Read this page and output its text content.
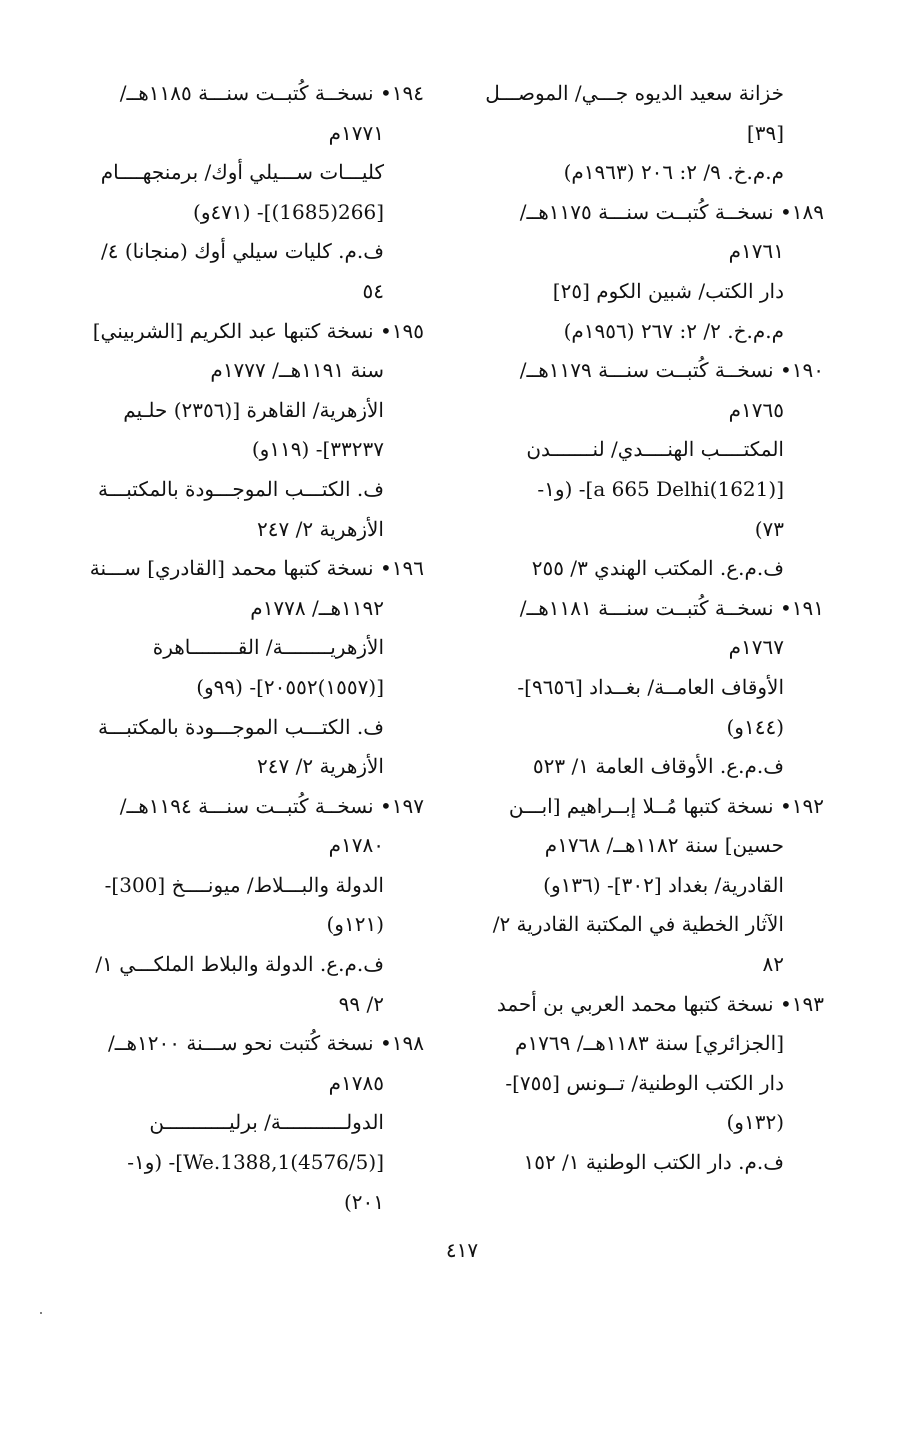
خزانة سعيد الديوه جـــي/ الموصـــل
[٣٩]
م.م.خ. ٩/ ٢: ٢٠٦ (١٩٦٣م)
١٨٩• نسخــة كُتبــت سنـــة ١١٧٥هــ/
١٧٦١م
دار الكتب/ شبين الكوم [٢٥]
م.م.خ. ٢/ ٢: ٢٦٧ (١٩٥٦م)
١٩٠• نسخــة كُتبــت سنـــة ١١٧٩هــ/
١٧٦٥م
المكتــــب الهنــــدي/ لنـــــــدن
[a 665 Delhi(1621)]- (و١-
٧٣)
ف.م.ع. المكتب الهندي ٣/ ٢٥٥
١٩١• نسخــة كُتبــت سنـــة ١١٨١هــ/
١٧٦٧م
الأوقاف العامــة/ بغــداد [٩٦٥٦]-
(١٤٤و)
ف.م.ع. الأوقاف العامة ١/ ٥٢٣
١٩٢• نسخة كتبها مُــلا إبــراهيم [ابـــن
حسين] سنة ١١٨٢هــ/ ١٧٦٨م
القادرية/ بغداد [٣٠٢]- (١٣٦و)
الآثار الخطية في المكتبة القادرية ٢/
٨٢
١٩٣• نسخة كتبها محمد العربي بن أحمد
[الجزائري] سنة ١١٨٣هــ/ ١٧٦٩م
دار الكتب الوطنية/ تــونس [٧٥٥]-
(١٣٢و)
ف.م. دار الكتب الوطنية ١/ ١٥٢
١٩٤• نسخــة كُتبــت سنـــة ١١٨٥هــ/
١٧٧١م
كليـــات ســـيلي أوك/ برمنجهــــام
[266(1685)]- (٤٧١و)
ف.م. كليات سيلي أوك (منجانا) ٤/
٥٤
١٩٥• نسخة كتبها عبد الكريم [الشربيني]
سنة ١١٩١هــ/ ١٧٧٧م
الأزهرية/ القاهرة [(٢٣٥٦) حلـيم
٣٣٢٣٧]- (١١٩و)
ف. الكتـــب الموجـــودة بالمكتبـــة
الأزهرية ٢/ ٢٤٧
١٩٦• نسخة كتبها محمد [القادري] ســـنة
١١٩٢هــ/ ١٧٧٨م
الأزهريــــــــة/ القــــــــاهرة
[(١٥٥٧)٢٠٥٥٢]- (٩٩و)
ف. الكتـــب الموجـــودة بالمكتبـــة
الأزهرية ٢/ ٢٤٧
١٩٧• نسخــة كُتبــت سنـــة ١١٩٤هــ/
١٧٨٠م
الدولة والبـــلاط/ ميونــــخ [300]-
(١٢١و)
ف.م.ع. الدولة والبلاط الملكـــي ١/
٢/ ٩٩
١٩٨• نسخة كُتبت نحو ســـنة ١٢٠٠هــ/
١٧٨٥م
الدولـــــــــــة/ برليـــــــــــن
[We.1388,1(4576/5)]- (و١-
٢٠١)
٤١٧
